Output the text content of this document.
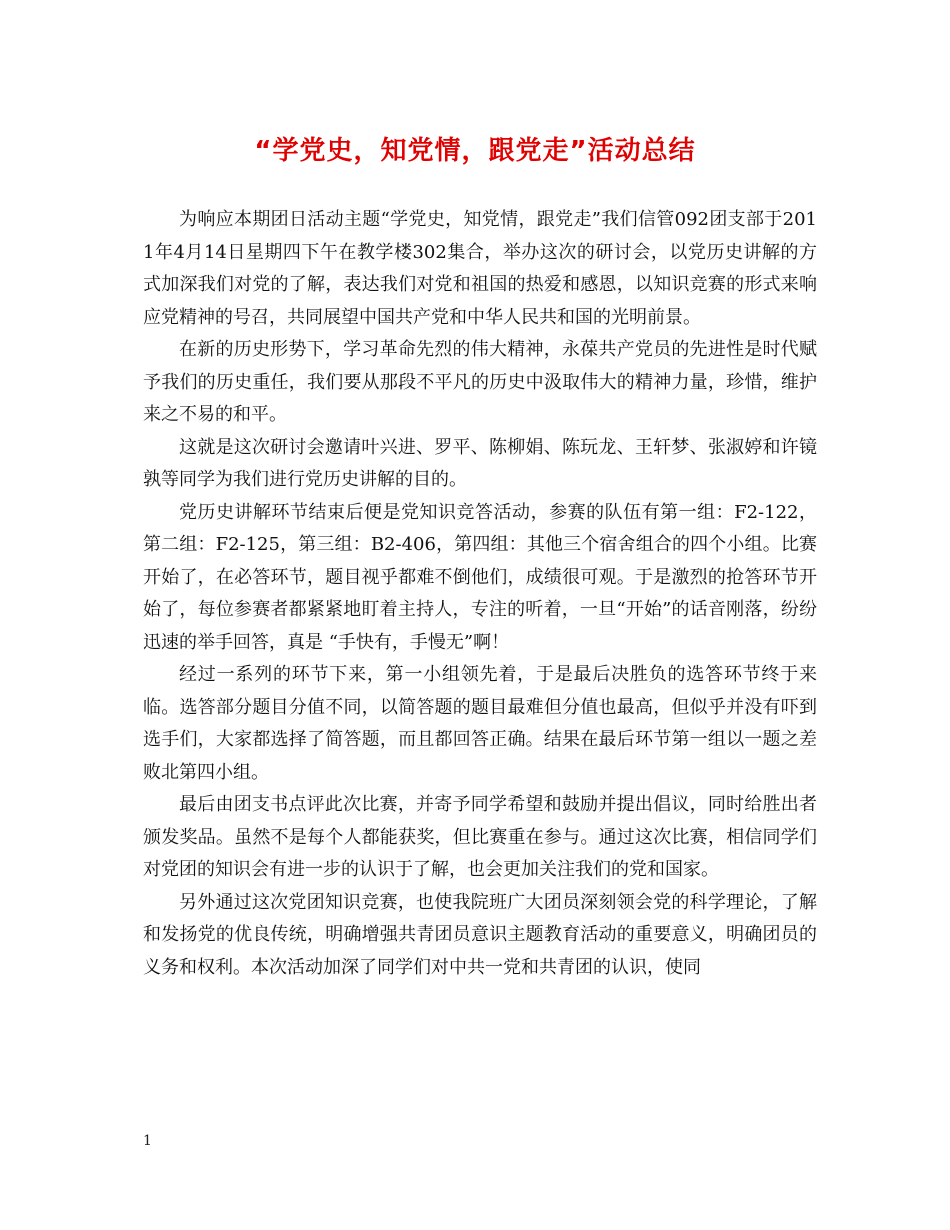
“学党史，知党情，跟党走”活动总结

为响应本期团日活动主题“学党史，知党情，跟党走”我们信管092团支部于2011年4月14日星期四下午在教学楼302集合，举办这次的研讨会，以党历史讲解的方式加深我们对党的了解，表达我们对党和祖国的热爱和感恩，以知识竞赛的形式来响应党精神的号召，共同展望中国共产党和中华人民共和国的光明前景。

在新的历史形势下，学习革命先烈的伟大精神，永葆共产党员的先进性是时代赋予我们的历史重任，我们要从那段不平凡的历史中汲取伟大的精神力量，珍惜，维护来之不易的和平。

这就是这次研讨会邀请叶兴进、罗平、陈柳娟、陈玩龙、王轩梦、张淑婷和许镜孰等同学为我们进行党历史讲解的目的。

党历史讲解环节结束后便是党知识竞答活动，参赛的队伍有第一组：F2-122，第二组：F2-125，第三组：B2-406，第四组：其他三个宿舍组合的四个小组。比赛开始了，在必答环节，题目视乎都难不倒他们，成绩很可观。于是激烈的抢答环节开始了，每位参赛者都紧紧地盯着主持人，专注的听着，一旦“开始”的话音刚落，纷纷迅速的举手回答，真是 “手快有，手慢无”啊！

经过一系列的环节下来，第一小组领先着，于是最后决胜负的选答环节终于来临。选答部分题目分值不同，以简答题的题目最难但分值也最高，但似乎并没有吓到选手们，大家都选择了简答题，而且都回答正确。结果在最后环节第一组以一题之差败北第四小组。

最后由团支书点评此次比赛，并寄予同学希望和鼓励并提出倡议，同时给胜出者颁发奖品。虽然不是每个人都能获奖，但比赛重在参与。通过这次比赛，相信同学们对党团的知识会有进一步的认识于了解，也会更加关注我们的党和国家。

另外通过这次党团知识竞赛，也使我院班广大团员深刻领会党的科学理论，了解和发扬党的优良传统，明确增强共青团员意识主题教育活动的重要意义，明确团员的义务和权利。本次活动加深了同学们对中共一党和共青团的认识，使同

1
